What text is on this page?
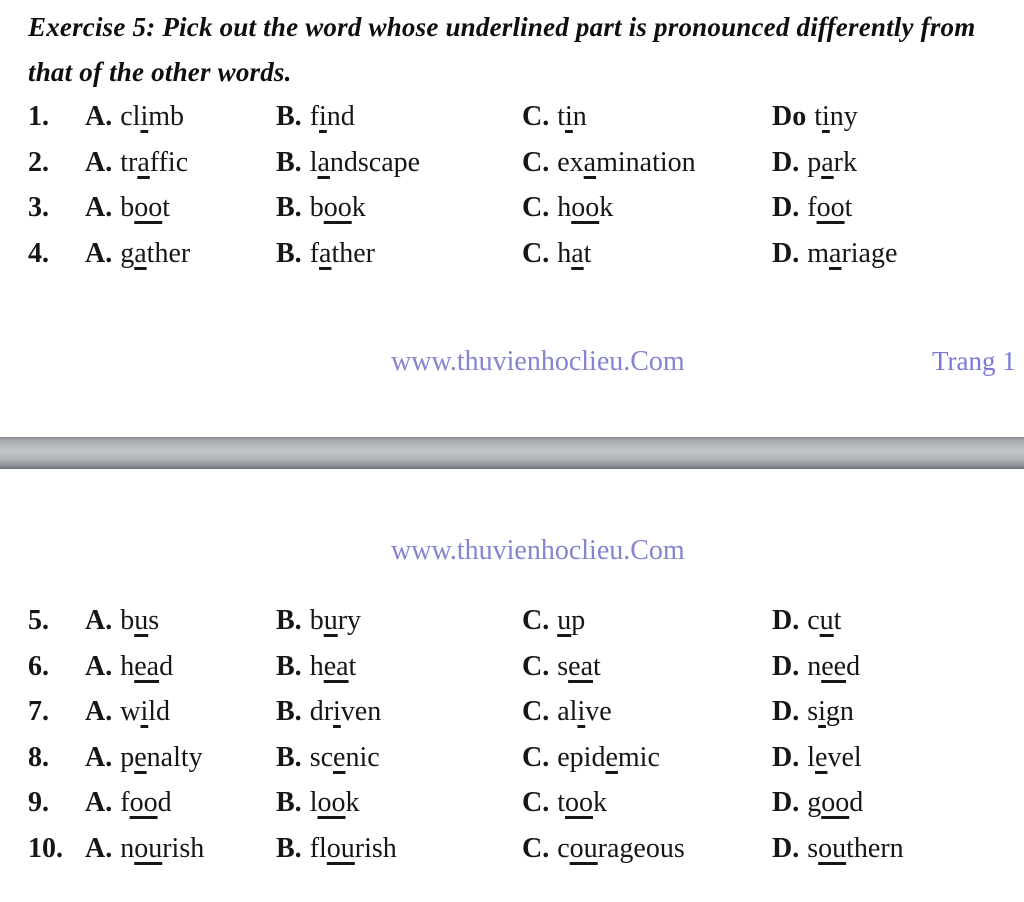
Exercise 5: Pick out the word whose underlined part is pronounced differently from
that of the other words.
1. A. climb	B. find	C. tin	Do tiny
2. A. traffic	B. landscape	C. examination	D. park
3. A. boot	B. book	C. hook	D. foot
4. A. gather	B. father	C. hat	D. mariage
www.thuvienhoclieu.Com	Trang 1
www.thuvienhoclieu.Com
5. A. bus	B. bury	C. up	D. cut
6. A. head	B. heat	C. seat	D. need
7. A. wild	B. driven	C. alive	D. sign
8. A. penalty	B. scenic	C. epidemic	D. level
9. A. food	B. look	C. took	D. good
10. A. nourish	B. flourish	C. courageous	D. southern
